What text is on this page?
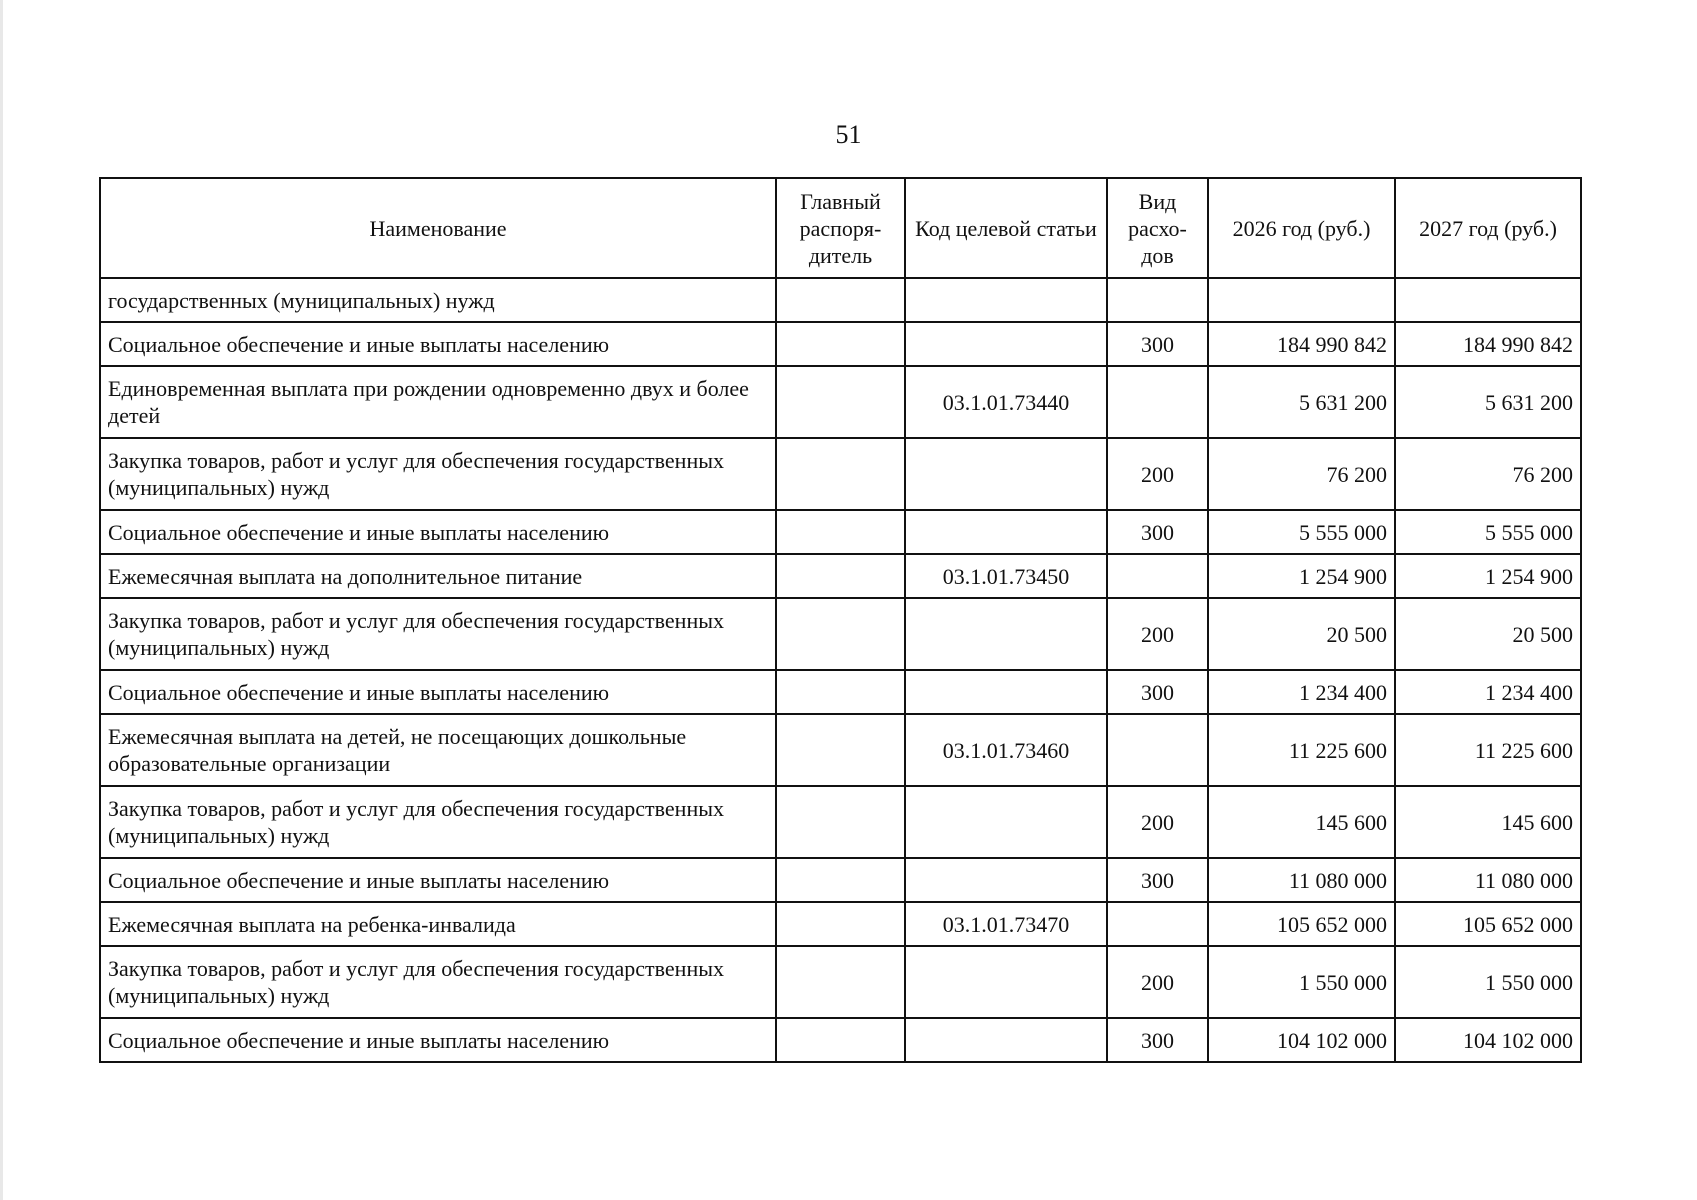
51
Наименование	Главный распоря-дитель	Код целевой статьи	Вид расхо-дов	2026 год (руб.)	2027 год (руб.)
государственных (муниципальных) нужд					
Социальное обеспечение и иные выплаты населению			300	184 990 842	184 990 842
Единовременная выплата при рождении одновременно двух и более детей		03.1.01.73440		5 631 200	5 631 200
Закупка товаров, работ и услуг для обеспечения государственных (муниципальных) нужд			200	76 200	76 200
Социальное обеспечение и иные выплаты населению			300	5 555 000	5 555 000
Ежемесячная выплата на дополнительное питание		03.1.01.73450		1 254 900	1 254 900
Закупка товаров, работ и услуг для обеспечения государственных (муниципальных) нужд			200	20 500	20 500
Социальное обеспечение и иные выплаты населению			300	1 234 400	1 234 400
Ежемесячная выплата на детей, не посещающих дошкольные образовательные организации		03.1.01.73460		11 225 600	11 225 600
Закупка товаров, работ и услуг для обеспечения государственных (муниципальных) нужд			200	145 600	145 600
Социальное обеспечение и иные выплаты населению			300	11 080 000	11 080 000
Ежемесячная выплата на ребенка-инвалида		03.1.01.73470		105 652 000	105 652 000
Закупка товаров, работ и услуг для обеспечения государственных (муниципальных) нужд			200	1 550 000	1 550 000
Социальное обеспечение и иные выплаты населению			300	104 102 000	104 102 000
